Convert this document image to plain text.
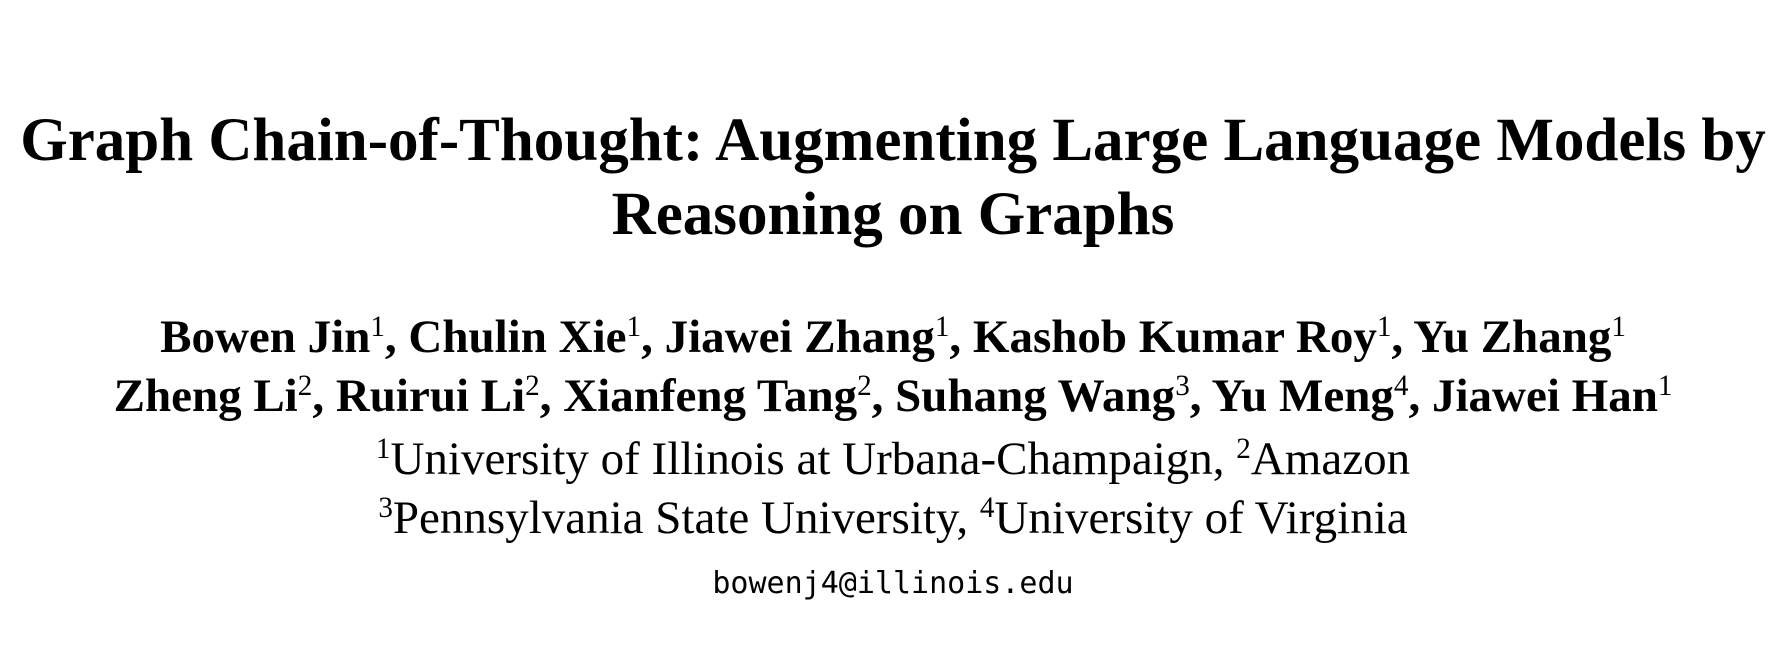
Graph Chain-of-Thought: Augmenting Large Language Models by
Reasoning on Graphs
Bowen Jin$^1$, Chulin Xie$^1$, Jiawei Zhang$^1$, Kashob Kumar Roy$^1$, Yu Zhang$^1$
Zheng Li$^2$, Ruirui Li$^2$, Xianfeng Tang$^2$, Suhang Wang$^3$, Yu Meng$^4$, Jiawei Han$^1$
$^1$University of Illinois at Urbana-Champaign, $^2$Amazon
$^3$Pennsylvania State University, $^4$University of Virginia
bowenj4@illinois.edu
